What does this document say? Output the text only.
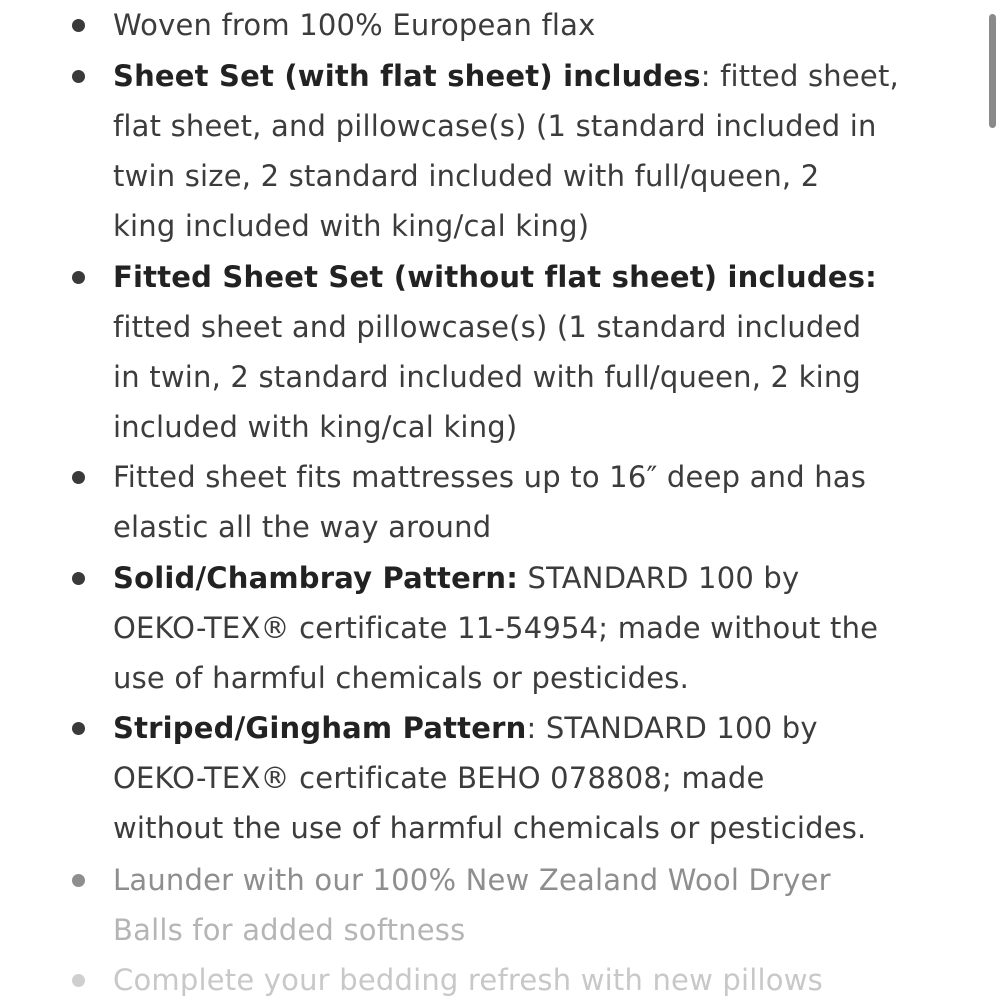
Woven from 100% European flax
Sheet Set (with flat sheet) includes: fitted sheet,
flat sheet, and pillowcase(s) (1 standard included in
twin size, 2 standard included with full/queen, 2
king included with king/cal king)
Fitted Sheet Set (without flat sheet) includes:
fitted sheet and pillowcase(s) (1 standard included
in twin, 2 standard included with full/queen, 2 king
included with king/cal king)
Fitted sheet fits mattresses up to 16″ deep and has
elastic all the way around
Solid/Chambray Pattern: STANDARD 100 by
OEKO-TEX® certificate 11-54954; made without the
use of harmful chemicals or pesticides.
Striped/Gingham Pattern: STANDARD 100 by
OEKO-TEX® certificate BEHO 078808; made
without the use of harmful chemicals or pesticides.
Launder with our 100% New Zealand Wool Dryer
Balls for added softness
Complete your bedding refresh with new pillows
